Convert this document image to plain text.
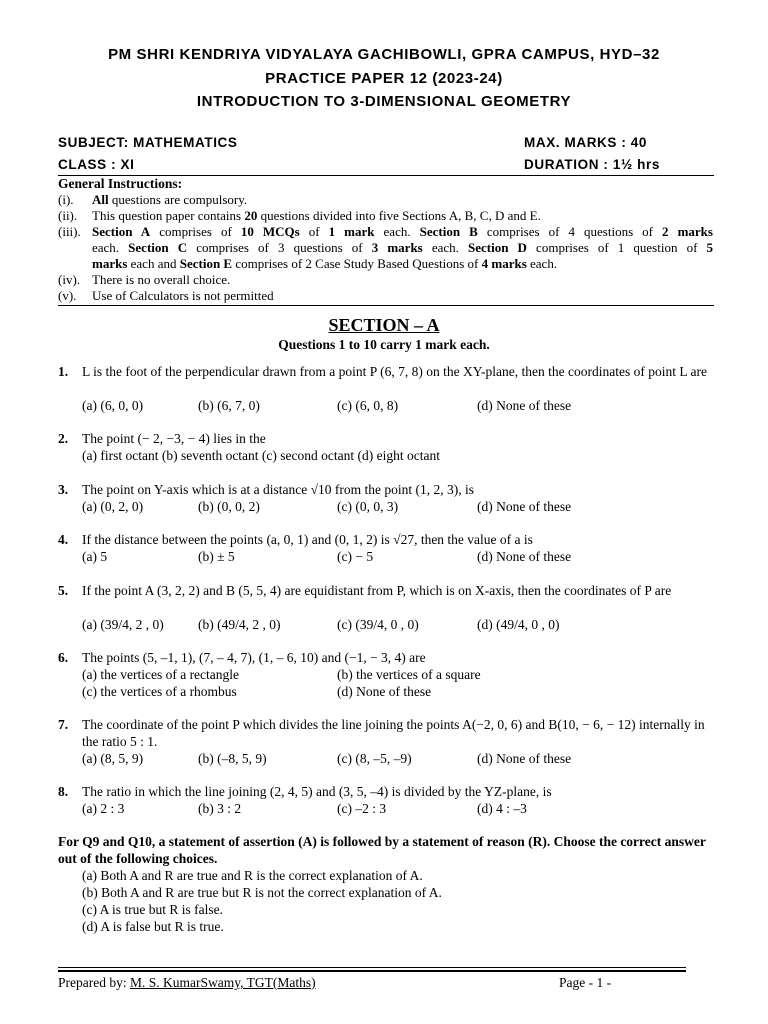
PM SHRI KENDRIYA VIDYALAYA GACHIBOWLI, GPRA CAMPUS, HYD–32
PRACTICE PAPER 12 (2023-24)
INTRODUCTION TO 3-DIMENSIONAL GEOMETRY
SUBJECT: MATHEMATICS	MAX. MARKS : 40
CLASS : XI	DURATION : 1½ hrs
General Instructions:
(i). All questions are compulsory.
(ii). This question paper contains 20 questions divided into five Sections A, B, C, D and E.
(iii). Section A comprises of 10 MCQs of 1 mark each. Section B comprises of 4 questions of 2 marks
each. Section C comprises of 3 questions of 3 marks each. Section D comprises of 1 question of 5
marks each and Section E comprises of 2 Case Study Based Questions of 4 marks each.
(iv). There is no overall choice.
(v). Use of Calculators is not permitted
SECTION – A
Questions 1 to 10 carry 1 mark each.
1. L is the foot of the perpendicular drawn from a point P (6, 7, 8) on the XY-plane, then the coordinates of point L are
(a) (6, 0, 0)	(b) (6, 7, 0)	(c) (6, 0, 8)	(d) None of these
2. The point (− 2, −3, − 4) lies in the
(a) first octant (b) seventh octant (c) second octant (d) eight octant
3. The point on Y-axis which is at a distance √10 from the point (1, 2, 3), is
(a) (0, 2, 0)	(b) (0, 0, 2)	(c) (0, 0, 3)	(d) None of these
4. If the distance between the points (a, 0, 1) and (0, 1, 2) is √27, then the value of a is
(a) 5	(b) ± 5	(c) − 5	(d) None of these
5. If the point A (3, 2, 2) and B (5, 5, 4) are equidistant from P, which is on X-axis, then the coordinates of P are
(a) (39/4, 2 , 0)	(b) (49/4, 2 , 0)	(c) (39/4, 0 , 0)	(d) (49/4, 0 , 0)
6. The points (5, –1, 1), (7, – 4, 7), (1, – 6, 10) and (−1, − 3, 4) are
(a) the vertices of a rectangle	(b) the vertices of a square
(c) the vertices of a rhombus	(d) None of these
7. The coordinate of the point P which divides the line joining the points A(−2, 0, 6) and B(10, − 6, − 12) internally in the ratio 5 : 1.
(a) (8, 5, 9)	(b) (–8, 5, 9)	(c) (8, –5, –9)	(d) None of these
8. The ratio in which the line joining (2, 4, 5) and (3, 5, –4) is divided by the YZ-plane, is
(a) 2 : 3	(b) 3 : 2	(c) –2 : 3	(d) 4 : –3
For Q9 and Q10, a statement of assertion (A) is followed by a statement of reason (R). Choose the correct answer out of the following choices.
(a) Both A and R are true and R is the correct explanation of A.
(b) Both A and R are true but R is not the correct explanation of A.
(c) A is true but R is false.
(d) A is false but R is true.
Prepared by: M. S. KumarSwamy, TGT(Maths)	Page - 1 -
